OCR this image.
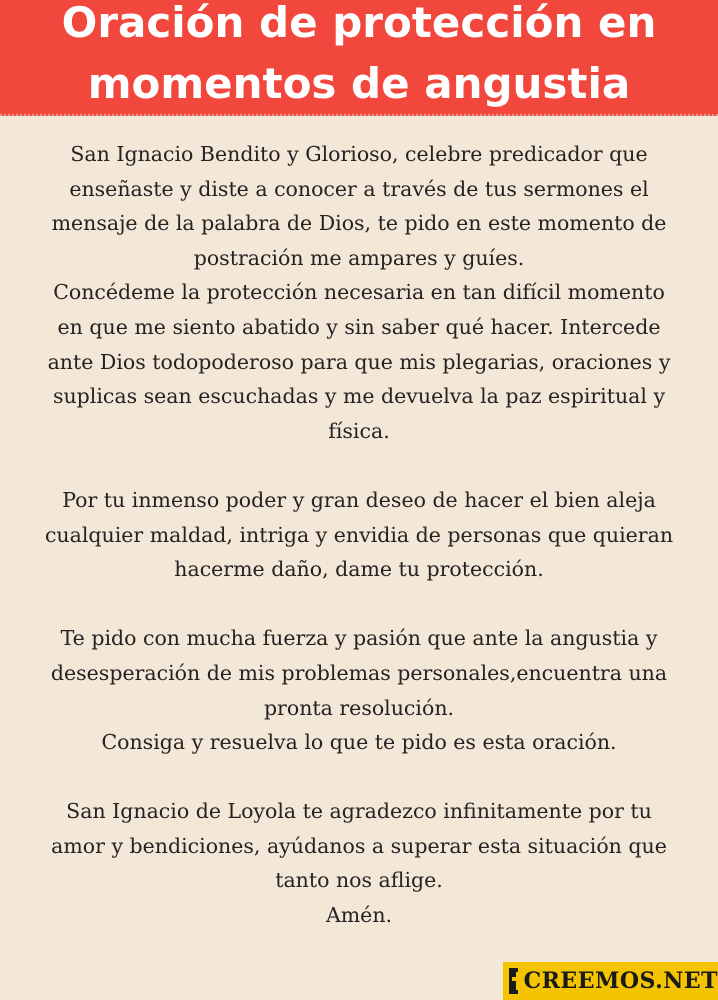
Oración de protección en
momentos de angustia

San Ignacio Bendito y Glorioso, celebre predicador que
enseñaste y diste a conocer a través de tus sermones el
mensaje de la palabra de Dios, te pido en este momento de
postración me ampares y guíes.
Concédeme la protección necesaria en tan difícil momento
en que me siento abatido y sin saber qué hacer. Intercede
ante Dios todopoderoso para que mis plegarias, oraciones y
suplicas sean escuchadas y me devuelva la paz espiritual y
física.

Por tu inmenso poder y gran deseo de hacer el bien aleja
cualquier maldad, intriga y envidia de personas que quieran
hacerme daño, dame tu protección.

Te pido con mucha fuerza y pasión que ante la angustia y
desesperación de mis problemas personales,encuentra una
pronta resolución.
Consiga y resuelva lo que te pido es esta oración.

San Ignacio de Loyola te agradezco infinitamente por tu
amor y bendiciones, ayúdanos a superar esta situación que
tanto nos aflige.
Amén.

CREEMOS.NET
